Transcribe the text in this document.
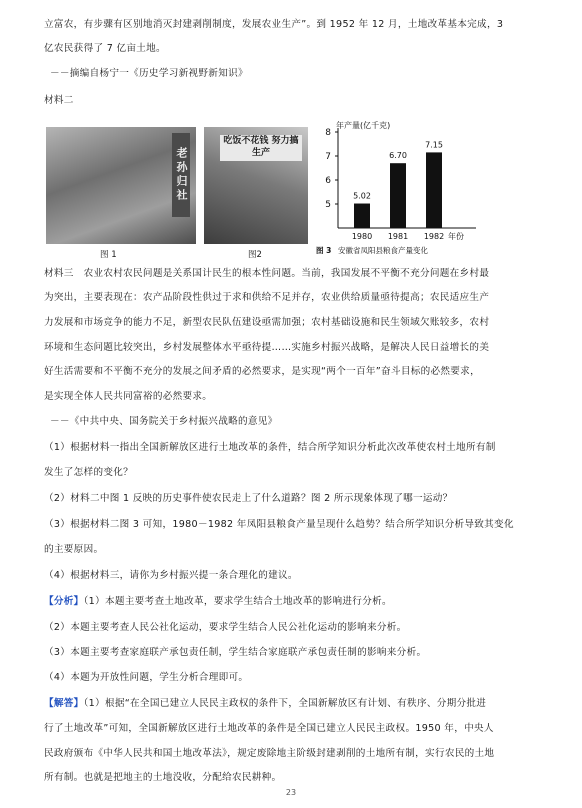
立富农，有步骤有区别地消灭封建剥削制度，发展农业生产”。到 1952 年 12 月，土地改革基本完成，3
亿农民获得了 7 亿亩土地。
－－摘编自杨宁一《历史学习新视野新知识》
材料二
老孙归社
吃饭不花钱 努力搞生产
图 1	图2
年产量(亿千克)
5
6
7
8
5.02
1980
6.70
1981
7.15
1982 年份
图 3 安徽省凤阳县粮食产量变化
材料三　农业农村农民问题是关系国计民生的根本性问题。当前，我国发展不平衡不充分问题在乡村最
为突出，主要表现在：农产品阶段性供过于求和供给不足并存，农业供给质量亟待提高；农民适应生产
力发展和市场竞争的能力不足，新型农民队伍建设亟需加强；农村基础设施和民生领域欠账较多，农村
环境和生态问题比较突出，乡村发展整体水平亟待提……实施乡村振兴战略，是解决人民日益增长的美
好生活需要和不平衡不充分的发展之间矛盾的必然要求，是实现“两个一百年”奋斗目标的必然要求，
是实现全体人民共同富裕的必然要求。
－－《中共中央、国务院关于乡村振兴战略的意见》
（1）根据材料一指出全国新解放区进行土地改革的条件，结合所学知识分析此次改革使农村土地所有制
发生了怎样的变化？
（2）材料二中图 1 反映的历史事件使农民走上了什么道路？图 2 所示现象体现了哪一运动？
（3）根据材料二图 3 可知，1980－1982 年凤阳县粮食产量呈现什么趋势？结合所学知识分析导致其变化
的主要原因。
（4）根据材料三，请你为乡村振兴提一条合理化的建议。
【分析】（1）本题主要考查土地改革，要求学生结合土地改革的影响进行分析。
（2）本题主要考查人民公社化运动，要求学生结合人民公社化运动的影响来分析。
（3）本题主要考查家庭联产承包责任制，学生结合家庭联产承包责任制的影响来分析。
（4）本题为开放性问题，学生分析合理即可。
【解答】（1）根据“在全国已建立人民民主政权的条件下，全国新解放区有计划、有秩序、分期分批进
行了土地改革”可知，全国新解放区进行土地改革的条件是全国已建立人民民主政权。1950 年，中央人
民政府颁布《中华人民共和国土地改革法》，规定废除地主阶级封建剥削的土地所有制，实行农民的土地
所有制。也就是把地主的土地没收，分配给农民耕种。
23
